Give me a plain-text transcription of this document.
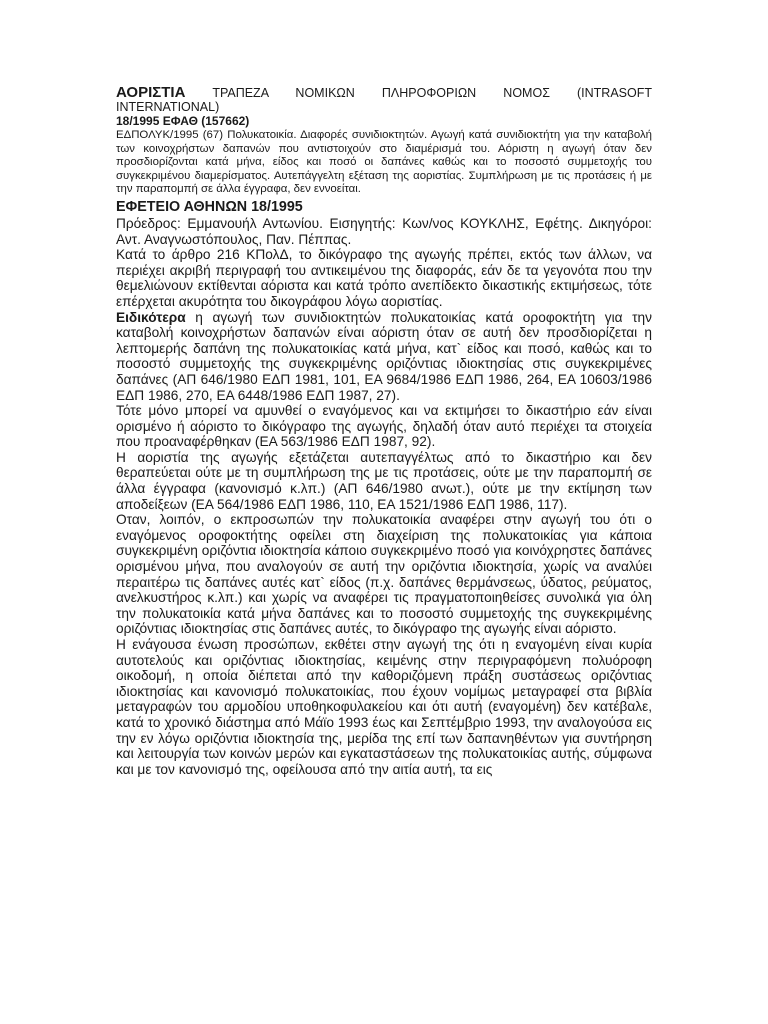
ΑΟΡΙΣΤΙΑ ΤΡΑΠΕΖΑ ΝΟΜΙΚΩΝ ΠΛΗΡΟΦΟΡΙΩΝ ΝΟΜΟΣ (INTRASOFT

INTERNATIONAL)

18/1995 ΕΦΑΘ (157662)

ΕΔΠΟΛΥΚ/1995 (67) Πολυκατοικία. Διαφορές συνιδιοκτητών. Αγωγή κατά συνιδιοκτήτη για την καταβολή των κοινοχρήστων δαπανών που αντιστοιχούν στο διαμέρισμά του. Αόριστη η αγωγή όταν δεν προσδιορίζονται κατά μήνα, είδος και ποσό οι δαπάνες καθώς και το ποσοστό συμμετοχής του συγκεκριμένου διαμερίσματος. Αυτεπάγγελτη εξέταση της αοριστίας. Συμπλήρωση με τις προτάσεις ή με την παραπομπή σε άλλα έγγραφα, δεν εννοείται.

ΕΦΕΤΕΙΟ ΑΘΗΝΩΝ 18/1995

Πρόεδρος: Εμμανουήλ Αντωνίου. Εισηγητής: Κων/νος ΚΟΥΚΛΗΣ, Εφέτης. Δικηγόροι: Αντ. Αναγνωστόπουλος, Παν. Πέππας.

Κατά το άρθρο 216 ΚΠολΔ, το δικόγραφο της αγωγής πρέπει, εκτός των άλλων, να περιέχει ακριβή περιγραφή του αντικειμένου της διαφοράς, εάν δε τα γεγονότα που την θεμελιώνουν εκτίθενται αόριστα και κατά τρόπο ανεπίδεκτο δικαστικής εκτιμήσεως, τότε επέρχεται ακυρότητα του δικογράφου λόγω αοριστίας.

Ειδικότερα η αγωγή των συνιδιοκτητών πολυκατοικίας κατά οροφοκτήτη για την καταβολή κοινοχρήστων δαπανών είναι αόριστη όταν σε αυτή δεν προσδιορίζεται η λεπτομερής δαπάνη της πολυκατοικίας κατά μήνα, κατ` είδος και ποσό, καθώς και το ποσοστό συμμετοχής της συγκεκριμένης οριζόντιας ιδιοκτησίας στις συγκεκριμένες δαπάνες (ΑΠ 646/1980 ΕΔΠ 1981, 101, ΕΑ 9684/1986 ΕΔΠ 1986, 264, ΕΑ 10603/1986 ΕΔΠ 1986, 270, ΕΑ 6448/1986 ΕΔΠ 1987, 27).

Τότε μόνο μπορεί να αμυνθεί ο εναγόμενος και να εκτιμήσει το δικαστήριο εάν είναι ορισμένο ή αόριστο το δικόγραφο της αγωγής, δηλαδή όταν αυτό περιέχει τα στοιχεία που προαναφέρθηκαν (ΕΑ 563/1986 ΕΔΠ 1987, 92).

Η αοριστία της αγωγής εξετάζεται αυτεπαγγέλτως από το δικαστήριο και δεν θεραπεύεται ούτε με τη συμπλήρωση της με τις προτάσεις, ούτε με την παραπομπή σε άλλα έγγραφα (κανονισμό κ.λπ.) (ΑΠ 646/1980 ανωτ.), ούτε με την εκτίμηση των αποδείξεων (ΕΑ 564/1986 ΕΔΠ 1986, 110, ΕΑ 1521/1986 ΕΔΠ 1986, 117).

Οταν, λοιπόν, ο εκπροσωπών την πολυκατοικία αναφέρει στην αγωγή του ότι ο εναγόμενος οροφοκτήτης οφείλει στη διαχείριση της πολυκατοικίας για κάποια συγκεκριμένη οριζόντια ιδιοκτησία κάποιο συγκεκριμένο ποσό για κοινόχρηστες δαπάνες ορισμένου μήνα, που αναλογούν σε αυτή την οριζόντια ιδιοκτησία, χωρίς να αναλύει περαιτέρω τις δαπάνες αυτές κατ` είδος (π.χ. δαπάνες θερμάνσεως, ύδατος, ρεύματος, ανελκυστήρος κ.λπ.) και χωρίς να αναφέρει τις πραγματοποιηθείσες συνολικά για όλη την πολυκατοικία κατά μήνα δαπάνες και το ποσοστό συμμετοχής της συγκεκριμένης οριζόντιας ιδιοκτησίας στις δαπάνες αυτές, το δικόγραφο της αγωγής είναι αόριστο.

Η ενάγουσα ένωση προσώπων, εκθέτει στην αγωγή της ότι η εναγομένη είναι κυρία αυτοτελούς και οριζόντιας ιδιοκτησίας, κειμένης στην περιγραφόμενη πολυόροφη οικοδομή, η οποία διέπεται από την καθοριζόμενη πράξη συστάσεως οριζόντιας ιδιοκτησίας και κανονισμό πολυκατοικίας, που έχουν νομίμως μεταγραφεί στα βιβλία μεταγραφών του αρμοδίου υποθηκοφυλακείου και ότι αυτή (εναγομένη) δεν κατέβαλε, κατά το χρονικό διάστημα από Μάϊο 1993 έως και Σεπτέμβριο 1993, την αναλογούσα εις την εν λόγω οριζόντια ιδιοκτησία της, μερίδα της επί των δαπανηθέντων για συντήρηση και λειτουργία των κοινών μερών και εγκαταστάσεων της πολυκατοικίας αυτής, σύμφωνα και με τον κανονισμό της, οφείλουσα από την αιτία αυτή, τα εις
